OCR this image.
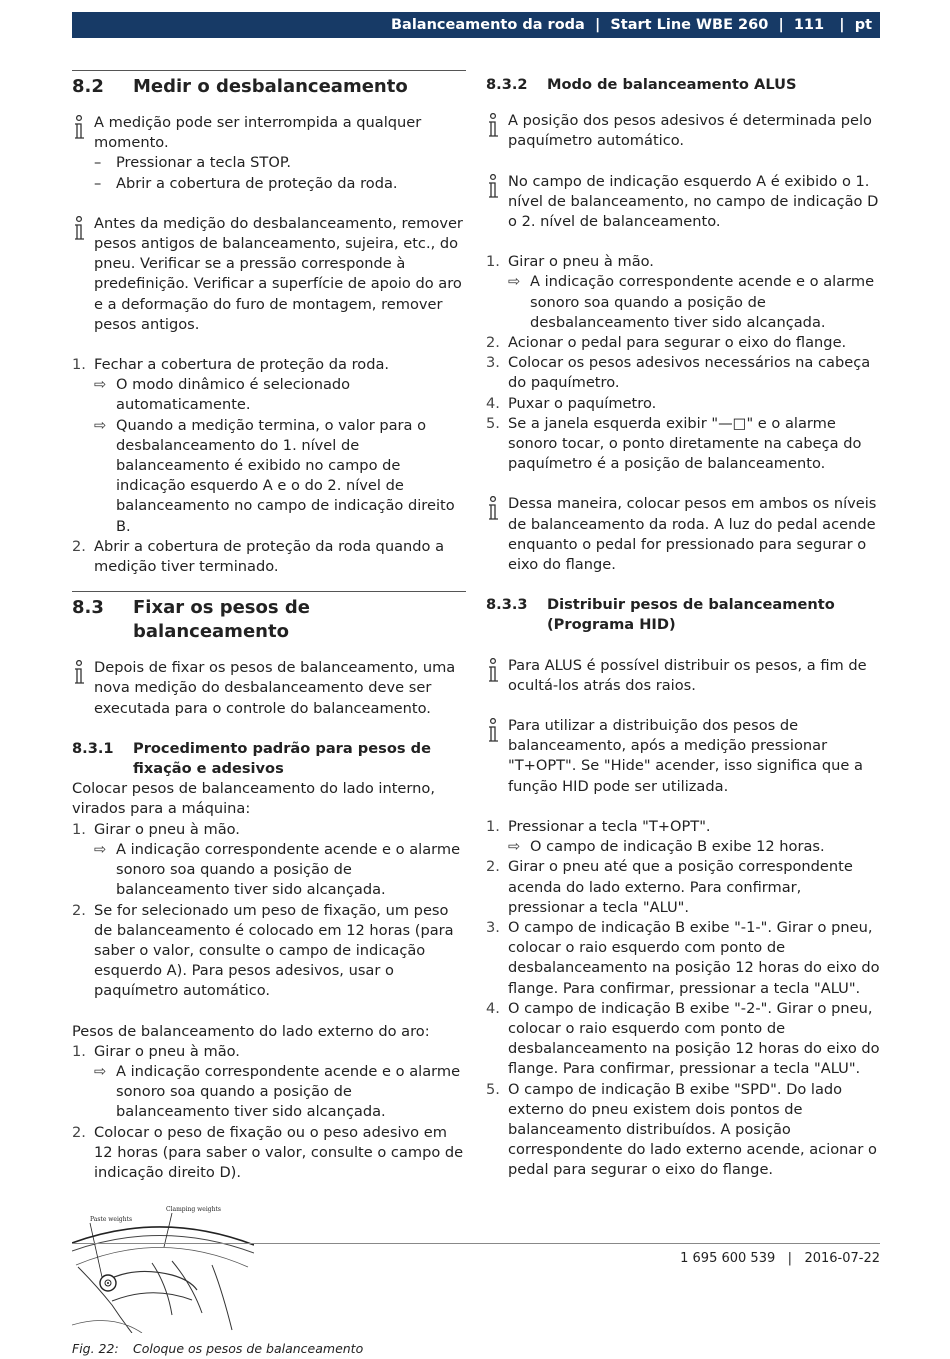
Balanceamento da roda
|
Start Line WBE 260
|
111
|
pt
8.2	Medir o desbalanceamento

A medição pode ser interrompida a qualquer momento.

–	Pressionar a tecla STOP.
–	Abrir a cobertura de proteção da roda.

Antes da medição do desbalanceamento, remover pesos antigos de balanceamento, sujeira, etc., do pneu. Verificar se a pressão corresponde à predefinição. Verificar a superfície de apoio do aro e a deformação do furo de montagem, remover pesos antigos.

1. Fechar a cobertura de proteção da roda.
⇨ O modo dinâmico é selecionado automaticamente.
⇨ Quando a medição termina, o valor para o desbalanceamento do 1. nível de balanceamento é exibido no campo de indicação esquerdo A e o do 2. nível de balanceamento no campo de indicação direito B.
2. Abrir a cobertura de proteção da roda quando a medição tiver terminado.
8.3	Fixar os pesos de balanceamento

Depois de fixar os pesos de balanceamento, uma nova medição do desbalanceamento deve ser executada para o controle do balanceamento.

8.3.1	Procedimento padrão para pesos de fixação e adesivos

Colocar pesos de balanceamento do lado interno, virados para a máquina:

1. Girar o pneu à mão.
⇨ A indicação correspondente acende e o alarme sonoro soa quando a posição de balanceamento tiver sido alcançada.
2. Se for selecionado um peso de fixação, um peso de balanceamento é colocado em 12 horas (para saber o valor, consulte o campo de indicação esquerdo A). Para pesos adesivos, usar o paquímetro automático.

Pesos de balanceamento do lado externo do aro:

1. Girar o pneu à mão.
⇨ A indicação correspondente acende e o alarme sonoro soa quando a posição de balanceamento tiver sido alcançada.
2. Colocar o peso de fixação ou o peso adesivo em 12 horas (para saber o valor, consulte o campo de indicação direito D).
Paste weights
Clamping weights
Fig. 22:	Coloque os pesos de balanceamento
8.3.2	Modo de balanceamento ALUS

A posição dos pesos adesivos é determinada pelo paquímetro automático.

No campo de indicação esquerdo A é exibido o 1. nível de balanceamento, no campo de indicação D o 2. nível de balanceamento.

1. Girar o pneu à mão.
⇨ A indicação correspondente acende e o alarme sonoro soa quando a posição de desbalanceamento tiver sido alcançada.
2. Acionar o pedal para segurar o eixo do flange.
3. Colocar os pesos adesivos necessários na cabeça do paquímetro.
4. Puxar o paquímetro.
5. Se a janela esquerda exibir "—□" e o alarme sonoro tocar, o ponto diretamente na cabeça do paquímetro é a posição de balanceamento.

Dessa maneira, colocar pesos em ambos os níveis de balanceamento da roda. A luz do pedal acende enquanto o pedal for pressionado para segurar o eixo do flange.

8.3.3	Distribuir pesos de balanceamento (Programa HID)

Para ALUS é possível distribuir os pesos, a fim de ocultá-los atrás dos raios.

Para utilizar a distribuição dos pesos de balanceamento, após a medição pressionar "T+OPT". Se "Hide" acender, isso significa que a função HID pode ser utilizada.

1. Pressionar a tecla "T+OPT".
⇨ O campo de indicação B exibe 12 horas.
2. Girar o pneu até que a posição correspondente acenda do lado externo. Para confirmar, pressionar a tecla "ALU".
3. O campo de indicação B exibe "-1-". Girar o pneu, colocar o raio esquerdo com ponto de desbalanceamento na posição 12 horas do eixo do flange. Para confirmar, pressionar a tecla "ALU".
4. O campo de indicação B exibe "-2-". Girar o pneu, colocar o raio esquerdo com ponto de desbalanceamento na posição 12 horas do eixo do flange. Para confirmar, pressionar a tecla "ALU".
5. O campo de indicação B exibe "SPD". Do lado externo do pneu existem dois pontos de balanceamento distribuídos. A posição correspondente do lado externo acende, acionar o pedal para segurar o eixo do flange.
1 695 600 539 | 2016-07-22
